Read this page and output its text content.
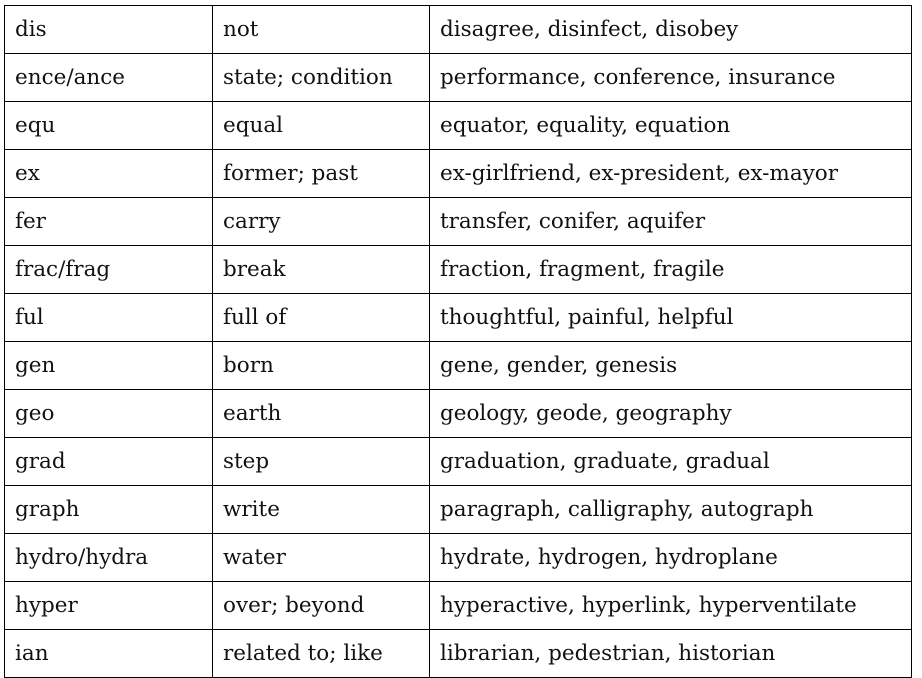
dis	not	disagree, disinfect, disobey
ence/ance	state; condition	performance, conference, insurance
equ	equal	equator, equality, equation
ex	former; past	ex-girlfriend, ex-president, ex-mayor
fer	carry	transfer, conifer, aquifer
frac/frag	break	fraction, fragment, fragile
ful	full of	thoughtful, painful, helpful
gen	born	gene, gender, genesis
geo	earth	geology, geode, geography
grad	step	graduation, graduate, gradual
graph	write	paragraph, calligraphy, autograph
hydro/hydra	water	hydrate, hydrogen, hydroplane
hyper	over; beyond	hyperactive, hyperlink, hyperventilate
ian	related to; like	librarian, pedestrian, historian
